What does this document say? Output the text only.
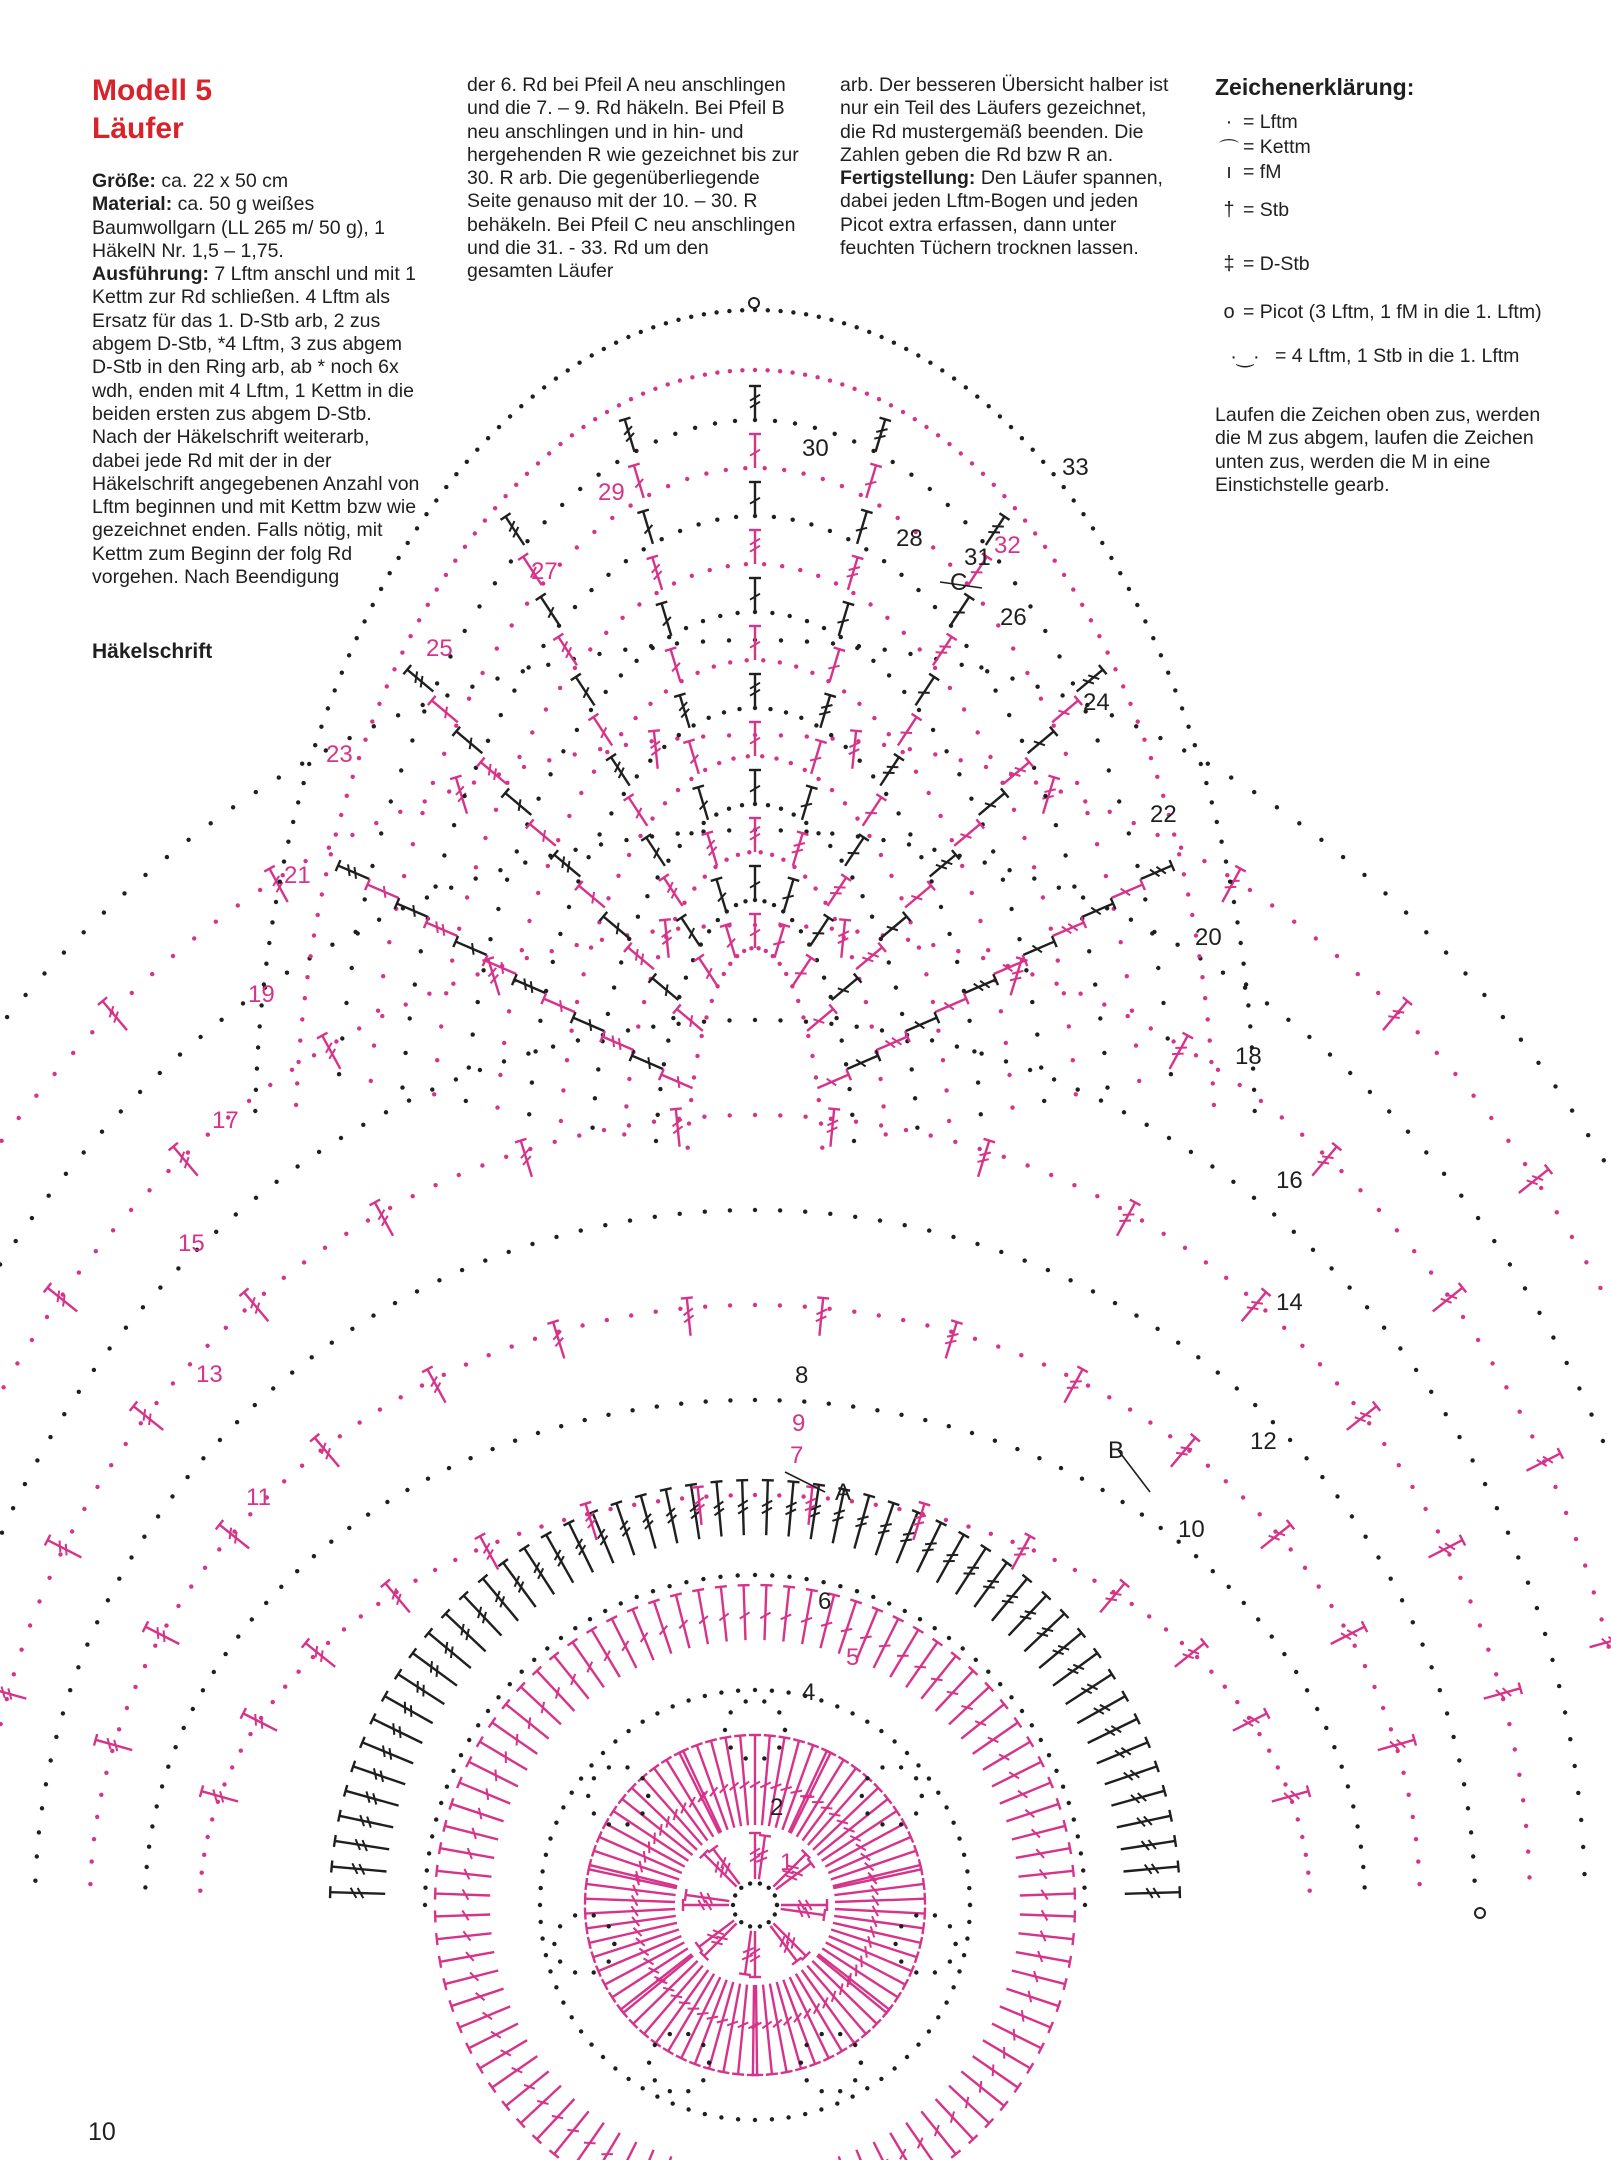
Modell 5
Läufer

Größe: ca. 22 x 50 cm

Material: ca. 50 g weißes Baumwollgarn (LL 265 m/ 50 g), 1 HäkelN Nr. 1,5 – 1,75.

Ausführung: 7 Lftm anschl und mit 1 Kettm zur Rd schließen. 4 Lftm als Ersatz für das 1. D-Stb arb, 2 zus abgem D-Stb, *4 Lftm, 3 zus abgem D-Stb in den Ring arb, ab * noch 6x wdh, enden mit 4 Lftm, 1 Kettm in die beiden ersten zus abgem D-Stb. Nach der Häkelschrift weiterarb, dabei jede Rd mit der in der Häkelschrift angegebenen Anzahl von Lftm beginnen und mit Kettm bzw wie gezeichnet enden. Falls nötig, mit Kettm zum Beginn der folg Rd vorgehen. Nach Beendigung

der 6. Rd bei Pfeil A neu anschlingen und die 7. – 9. Rd häkeln. Bei Pfeil B neu anschlingen und in hin- und hergehenden R wie gezeichnet bis zur 30. R arb. Die gegenüberliegende Seite genauso mit der 10. – 30. R behäkeln. Bei Pfeil C neu anschlingen und die 31. - 33. Rd um den gesamten Läufer

arb. Der besseren Übersicht halber ist nur ein Teil des Läufers gezeichnet, die Rd mustergemäß beenden. Die Zahlen geben die Rd bzw R an.

Fertigstellung: Den Läufer spannen, dabei jeden Lftm-Bogen und jeden Picot extra erfassen, dann unter feuchten Tüchern trocknen lassen.

Zeichenerklärung:
· = Lftm
⌒ = Kettm
ı = fM
† = Stb
‡ = D-Stb
o = Picot (3 Lftm, 1 fM in die 1. Lftm)
·‿· = 4 Lftm, 1 Stb in die 1. Lftm
Laufen die Zeichen oben zus, werden die M zus abgem, laufen die Zeichen unten zus, werden die M in eine Einstichstelle gearb.
Häkelschrift
1
2
4
5
6
7
8
9
10
11
12
13
14
15
16
17
18
19
20
21
22
23
24
25
26
27
28
29
30
31 32
33
A
B
C
10
